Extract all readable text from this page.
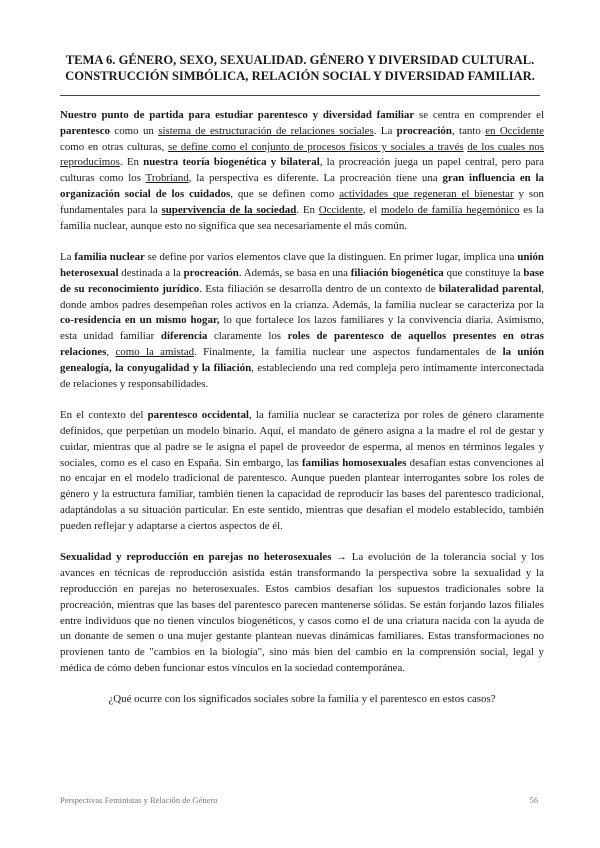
TEMA 6. GÉNERO, SEXO, SEXUALIDAD. GÉNERO Y DIVERSIDAD CULTURAL.
CONSTRUCCIÓN SIMBÓLICA, RELACIÓN SOCIAL Y DIVERSIDAD FAMILIAR.

Nuestro punto de partida para estudiar parentesco y diversidad familiar se centra en comprender el parentesco como un sistema de estructuración de relaciones sociales. La procreación, tanto en Occidente como en otras culturas, se define como el conjunto de procesos físicos y sociales a través de los cuales nos reproducimos. En nuestra teoría biogenética y bilateral, la procreación juega un papel central, pero para culturas como los Trobriand, la perspectiva es diferente. La procreación tiene una gran influencia en la organización social de los cuidados, que se definen como actividades que regeneran el bienestar y son fundamentales para la supervivencia de la sociedad. En Occidente, el modelo de familia hegemónico es la familia nuclear, aunque esto no significa que sea necesariamente el más común.

La familia nuclear se define por varios elementos clave que la distinguen. En primer lugar, implica una unión heterosexual destinada a la procreación. Además, se basa en una filiación biogenética que constituye la base de su reconocimiento jurídico. Esta filiación se desarrolla dentro de un contexto de bilateralidad parental, donde ambos padres desempeñan roles activos en la crianza. Además, la familia nuclear se caracteriza por la co-residencia en un mismo hogar, lo que fortalece los lazos familiares y la convivencia diaria. Asimismo, esta unidad familiar diferencia claramente los roles de parentesco de aquellos presentes en otras relaciones, como la amistad. Finalmente, la familia nuclear une aspectos fundamentales de la unión genealogía, la conyugalidad y la filiación, estableciendo una red compleja pero íntimamente interconectada de relaciones y responsabilidades.

En el contexto del parentesco occidental, la familia nuclear se caracteriza por roles de género claramente definidos, que perpetúan un modelo binario. Aquí, el mandato de género asigna a la madre el rol de gestar y cuidar, mientras que al padre se le asigna el papel de proveedor de esperma, al menos en términos legales y sociales, como es el caso en España. Sin embargo, las familias homosexuales desafían estas convenciones al no encajar en el modelo tradicional de parentesco. Aunque pueden plantear interrogantes sobre los roles de género y la estructura familiar, también tienen la capacidad de reproducir las bases del parentesco tradicional, adaptándolas a su situación particular. En este sentido, mientras que desafían el modelo establecido, también pueden reflejar y adaptarse a ciertos aspectos de él.

Sexualidad y reproducción en parejas no heterosexuales → La evolución de la tolerancia social y los avances en técnicas de reproducción asistida están transformando la perspectiva sobre la sexualidad y la reproducción en parejas no heterosexuales. Estos cambios desafían los supuestos tradicionales sobre la procreación, mientras que las bases del parentesco parecen mantenerse sólidas. Se están forjando lazos filiales entre individuos que no tienen vínculos biogenéticos, y casos como el de una criatura nacida con la ayuda de un donante de semen o una mujer gestante plantean nuevas dinámicas familiares. Estas transformaciones no provienen tanto de "cambios en la biología", sino más bien del cambio en la comprensión social, legal y médica de cómo deben funcionar estos vínculos en la sociedad contemporánea.

¿Qué ocurre con los significados sociales sobre la familia y el parentesco en estos casos?

Perspectivas Feministas y Relación de Género	56
